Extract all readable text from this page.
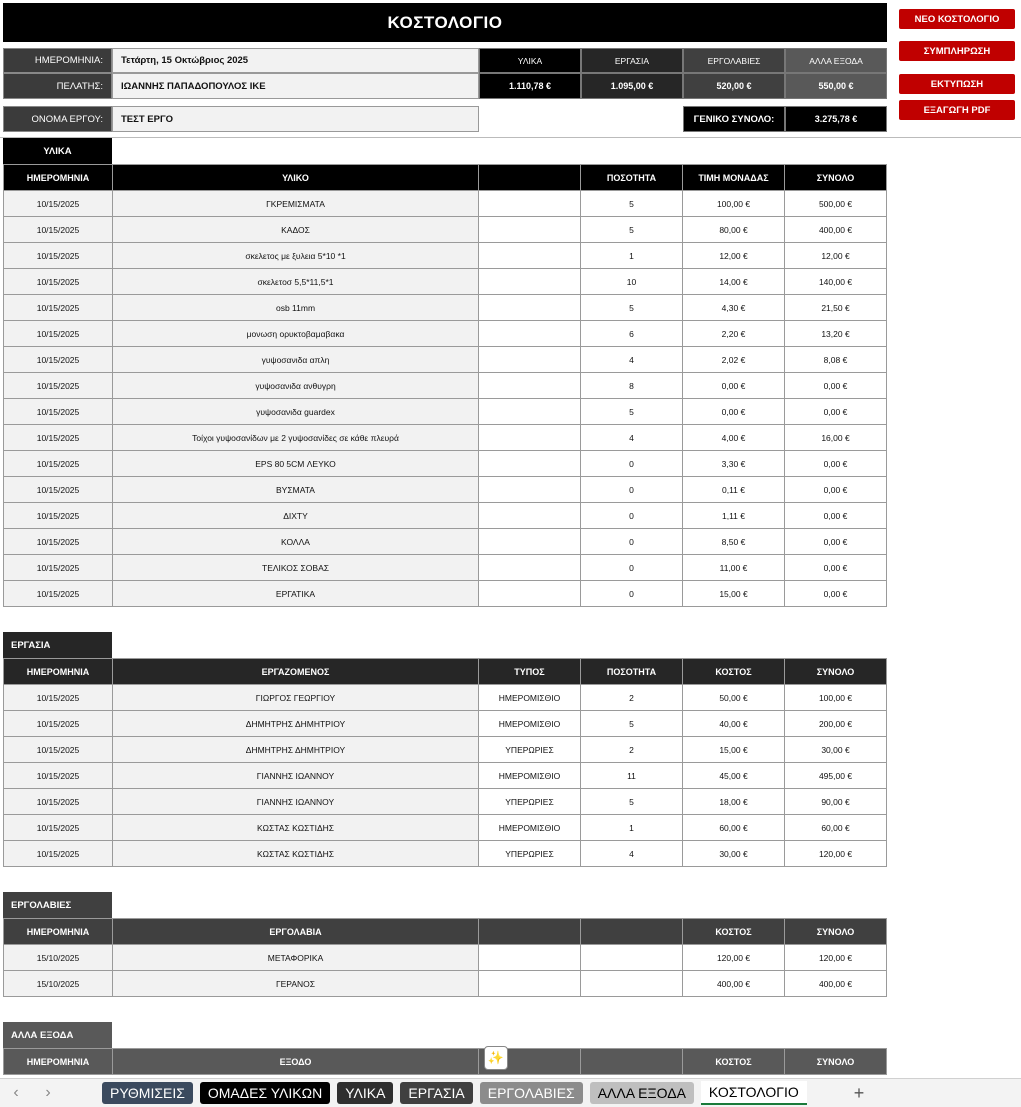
ΚΟΣΤΟΛΟΓΙΟ	ΝΕΟ ΚΟΣΤΟΛΟΓΙΟ
ΣΥΜΠΛΗΡΩΣΗ
ΕΚΤΥΠΩΣΗ
ΕΞΑΓΩΓΗ PDF
ΗΜΕΡΟΜΗΝΙΑ:	Τετάρτη, 15 Οκτώβριος 2025
ΠΕΛΑΤΗΣ:	ΙΩΑΝΝΗΣ ΠΑΠΑΔΟΠΟΥΛΟΣ ΙΚΕ
ΟΝΟΜΑ ΕΡΓΟΥ:	ΤΕΣΤ ΕΡΓΟ
ΥΛΙΚΑ	ΕΡΓΑΣΙΑ	ΕΡΓΟΛΑΒΙΕΣ	ΑΛΛΑ ΕΞΟΔΑ
1.110,78 €	1.095,00 €	520,00 €	550,00 €
ΓΕΝΙΚΟ ΣΥΝΟΛΟ:	3.275,78 €
ΥΛΙΚΑ
ΗΜΕΡΟΜΗΝΙΑ	ΥΛΙΚΟ		ΠΟΣΟΤΗΤΑ	ΤΙΜΗ ΜΟΝΑΔΑΣ	ΣΥΝΟΛΟ
10/15/2025	ΓΚΡΕΜΙΣΜΑΤΑ		5	100,00 €	500,00 €
10/15/2025	ΚΑΔΟΣ		5	80,00 €	400,00 €
10/15/2025	σκελετος με ξυλεια 5*10 *1		1	12,00 €	12,00 €
10/15/2025	σκελετοσ 5,5*11,5*1		10	14,00 €	140,00 €
10/15/2025	osb 11mm		5	4,30 €	21,50 €
10/15/2025	μονωση ορυκτοβαμαβακα		6	2,20 €	13,20 €
10/15/2025	γυψοσανιδα απλη		4	2,02 €	8,08 €
10/15/2025	γυψοσανιδα ανθυγρη		8	0,00 €	0,00 €
10/15/2025	γυψοσανιδα guardex		5	0,00 €	0,00 €
10/15/2025	Τοίχοι γυψοσανίδων με 2 γυψοσανίδες σε κάθε πλευρά		4	4,00 €	16,00 €
10/15/2025	EPS 80 5CM ΛΕΥΚΟ		0	3,30 €	0,00 €
10/15/2025	ΒΥΣΜΑΤΑ		0	0,11 €	0,00 €
10/15/2025	ΔΙΧΤΥ		0	1,11 €	0,00 €
10/15/2025	ΚΟΛΛΑ		0	8,50 €	0,00 €
10/15/2025	ΤΕΛΙΚΟΣ ΣΟΒΑΣ		0	11,00 €	0,00 €
10/15/2025	ΕΡΓΑΤΙΚΑ		0	15,00 €	0,00 €
ΕΡΓΑΣΙΑ
ΗΜΕΡΟΜΗΝΙΑ	ΕΡΓΑΖΟΜΕΝΟΣ	ΤΥΠΟΣ	ΠΟΣΟΤΗΤΑ	ΚΟΣΤΟΣ	ΣΥΝΟΛΟ
10/15/2025	ΓΙΩΡΓΟΣ ΓΕΩΡΓΙΟΥ	ΗΜΕΡΟΜΙΣΘΙΟ	2	50,00 €	100,00 €
10/15/2025	ΔΗΜΗΤΡΗΣ ΔΗΜΗΤΡΙΟΥ	ΗΜΕΡΟΜΙΣΘΙΟ	5	40,00 €	200,00 €
10/15/2025	ΔΗΜΗΤΡΗΣ ΔΗΜΗΤΡΙΟΥ	ΥΠΕΡΩΡΙΕΣ	2	15,00 €	30,00 €
10/15/2025	ΓΙΑΝΝΗΣ ΙΩΑΝΝΟΥ	ΗΜΕΡΟΜΙΣΘΙΟ	11	45,00 €	495,00 €
10/15/2025	ΓΙΑΝΝΗΣ ΙΩΑΝΝΟΥ	ΥΠΕΡΩΡΙΕΣ	5	18,00 €	90,00 €
10/15/2025	ΚΩΣΤΑΣ ΚΩΣΤΙΔΗΣ	ΗΜΕΡΟΜΙΣΘΙΟ	1	60,00 €	60,00 €
10/15/2025	ΚΩΣΤΑΣ ΚΩΣΤΙΔΗΣ	ΥΠΕΡΩΡΙΕΣ	4	30,00 €	120,00 €
ΕΡΓΟΛΑΒΙΕΣ
ΗΜΕΡΟΜΗΝΙΑ	ΕΡΓΟΛΑΒΙΑ			ΚΟΣΤΟΣ	ΣΥΝΟΛΟ
15/10/2025	ΜΕΤΑΦΟΡΙΚΑ			120,00 €	120,00 €
15/10/2025	ΓΕΡΑΝΟΣ			400,00 €	400,00 €
ΑΛΛΑ ΕΞΟΔΑ
ΗΜΕΡΟΜΗΝΙΑ	ΕΞΟΔΟ			ΚΟΣΤΟΣ	ΣΥΝΟΛΟ
✨
‹	›	ΡΥΘΜΙΣΕΙΣ	ΟΜΑΔΕΣ ΥΛΙΚΩΝ	ΥΛΙΚΑ	ΕΡΓΑΣΙΑ	ΕΡΓΟΛΑΒΙΕΣ	ΑΛΛΑ ΕΞΟΔΑ	ΚΟΣΤΟΛΟΓΙΟ	+
